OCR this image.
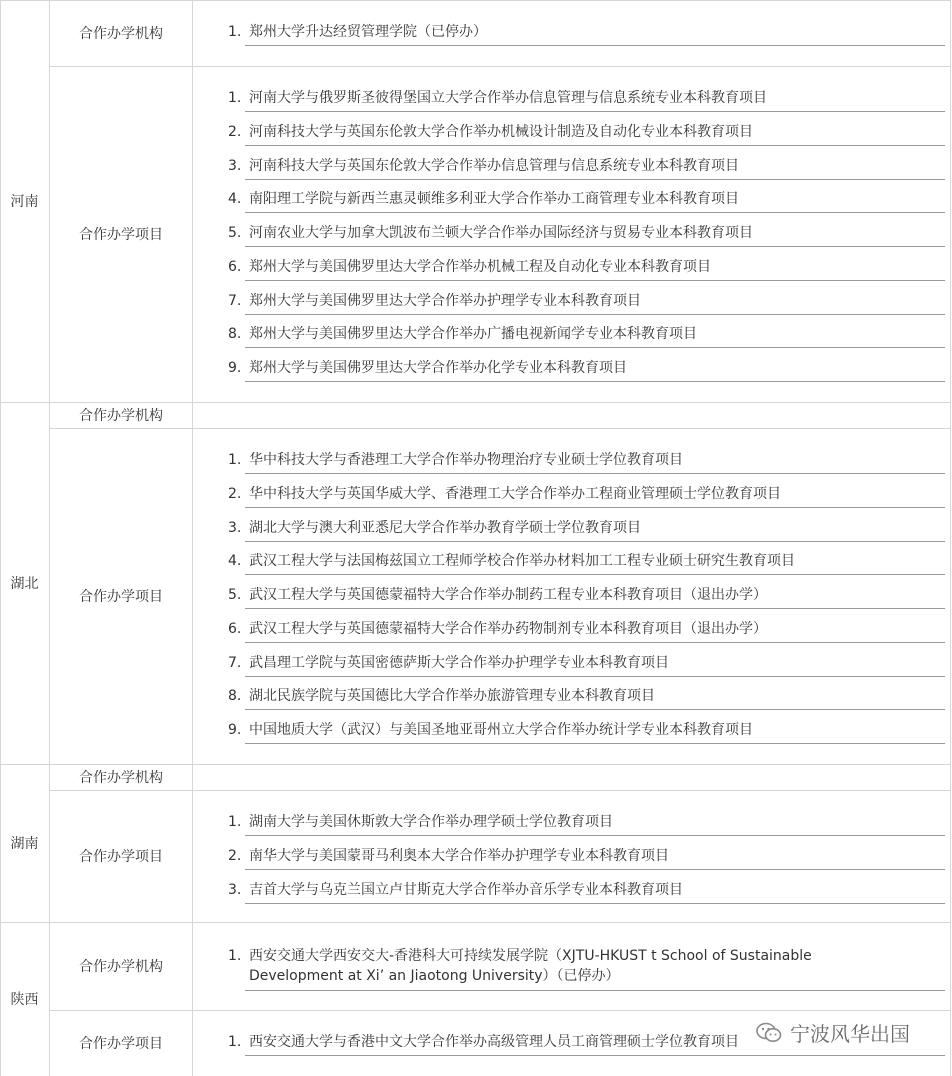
河南
合作办学机构
合作办学项目
1. 郑州大学升达经贸管理学院（已停办）
1. 河南大学与俄罗斯圣彼得堡国立大学合作举办信息管理与信息系统专业本科教育项目
2. 河南科技大学与英国东伦敦大学合作举办机械设计制造及自动化专业本科教育项目
3. 河南科技大学与英国东伦敦大学合作举办信息管理与信息系统专业本科教育项目
4. 南阳理工学院与新西兰惠灵顿维多利亚大学合作举办工商管理专业本科教育项目
5. 河南农业大学与加拿大凯波布兰顿大学合作举办国际经济与贸易专业本科教育项目
6. 郑州大学与美国佛罗里达大学合作举办机械工程及自动化专业本科教育项目
7. 郑州大学与美国佛罗里达大学合作举办护理学专业本科教育项目
8. 郑州大学与美国佛罗里达大学合作举办广播电视新闻学专业本科教育项目
9. 郑州大学与美国佛罗里达大学合作举办化学专业本科教育项目
湖北
合作办学机构
合作办学项目
1. 华中科技大学与香港理工大学合作举办物理治疗专业硕士学位教育项目
2. 华中科技大学与英国华威大学、香港理工大学合作举办工程商业管理硕士学位教育项目
3. 湖北大学与澳大利亚悉尼大学合作举办教育学硕士学位教育项目
4. 武汉工程大学与法国梅兹国立工程师学校合作举办材料加工工程专业硕士研究生教育项目
5. 武汉工程大学与英国德蒙福特大学合作举办制药工程专业本科教育项目（退出办学）
6. 武汉工程大学与英国德蒙福特大学合作举办药物制剂专业本科教育项目（退出办学）
7. 武昌理工学院与英国密德萨斯大学合作举办护理学专业本科教育项目
8. 湖北民族学院与英国德比大学合作举办旅游管理专业本科教育项目
9. 中国地质大学（武汉）与美国圣地亚哥州立大学合作举办统计学专业本科教育项目
湖南
合作办学机构
合作办学项目
1. 湖南大学与美国休斯敦大学合作举办理学硕士学位教育项目
2. 南华大学与美国蒙哥马利奥本大学合作举办护理学专业本科教育项目
3. 吉首大学与乌克兰国立卢甘斯克大学合作举办音乐学专业本科教育项目
陕西
合作办学机构
合作办学项目
1. 西安交通大学西安交大-香港科大可持续发展学院（XJTU-HKUST t School of Sustainable Development at Xi’ an Jiaotong University）（已停办）
1. 西安交通大学与香港中文大学合作举办高级管理人员工商管理硕士学位教育项目	宁波风华出国
